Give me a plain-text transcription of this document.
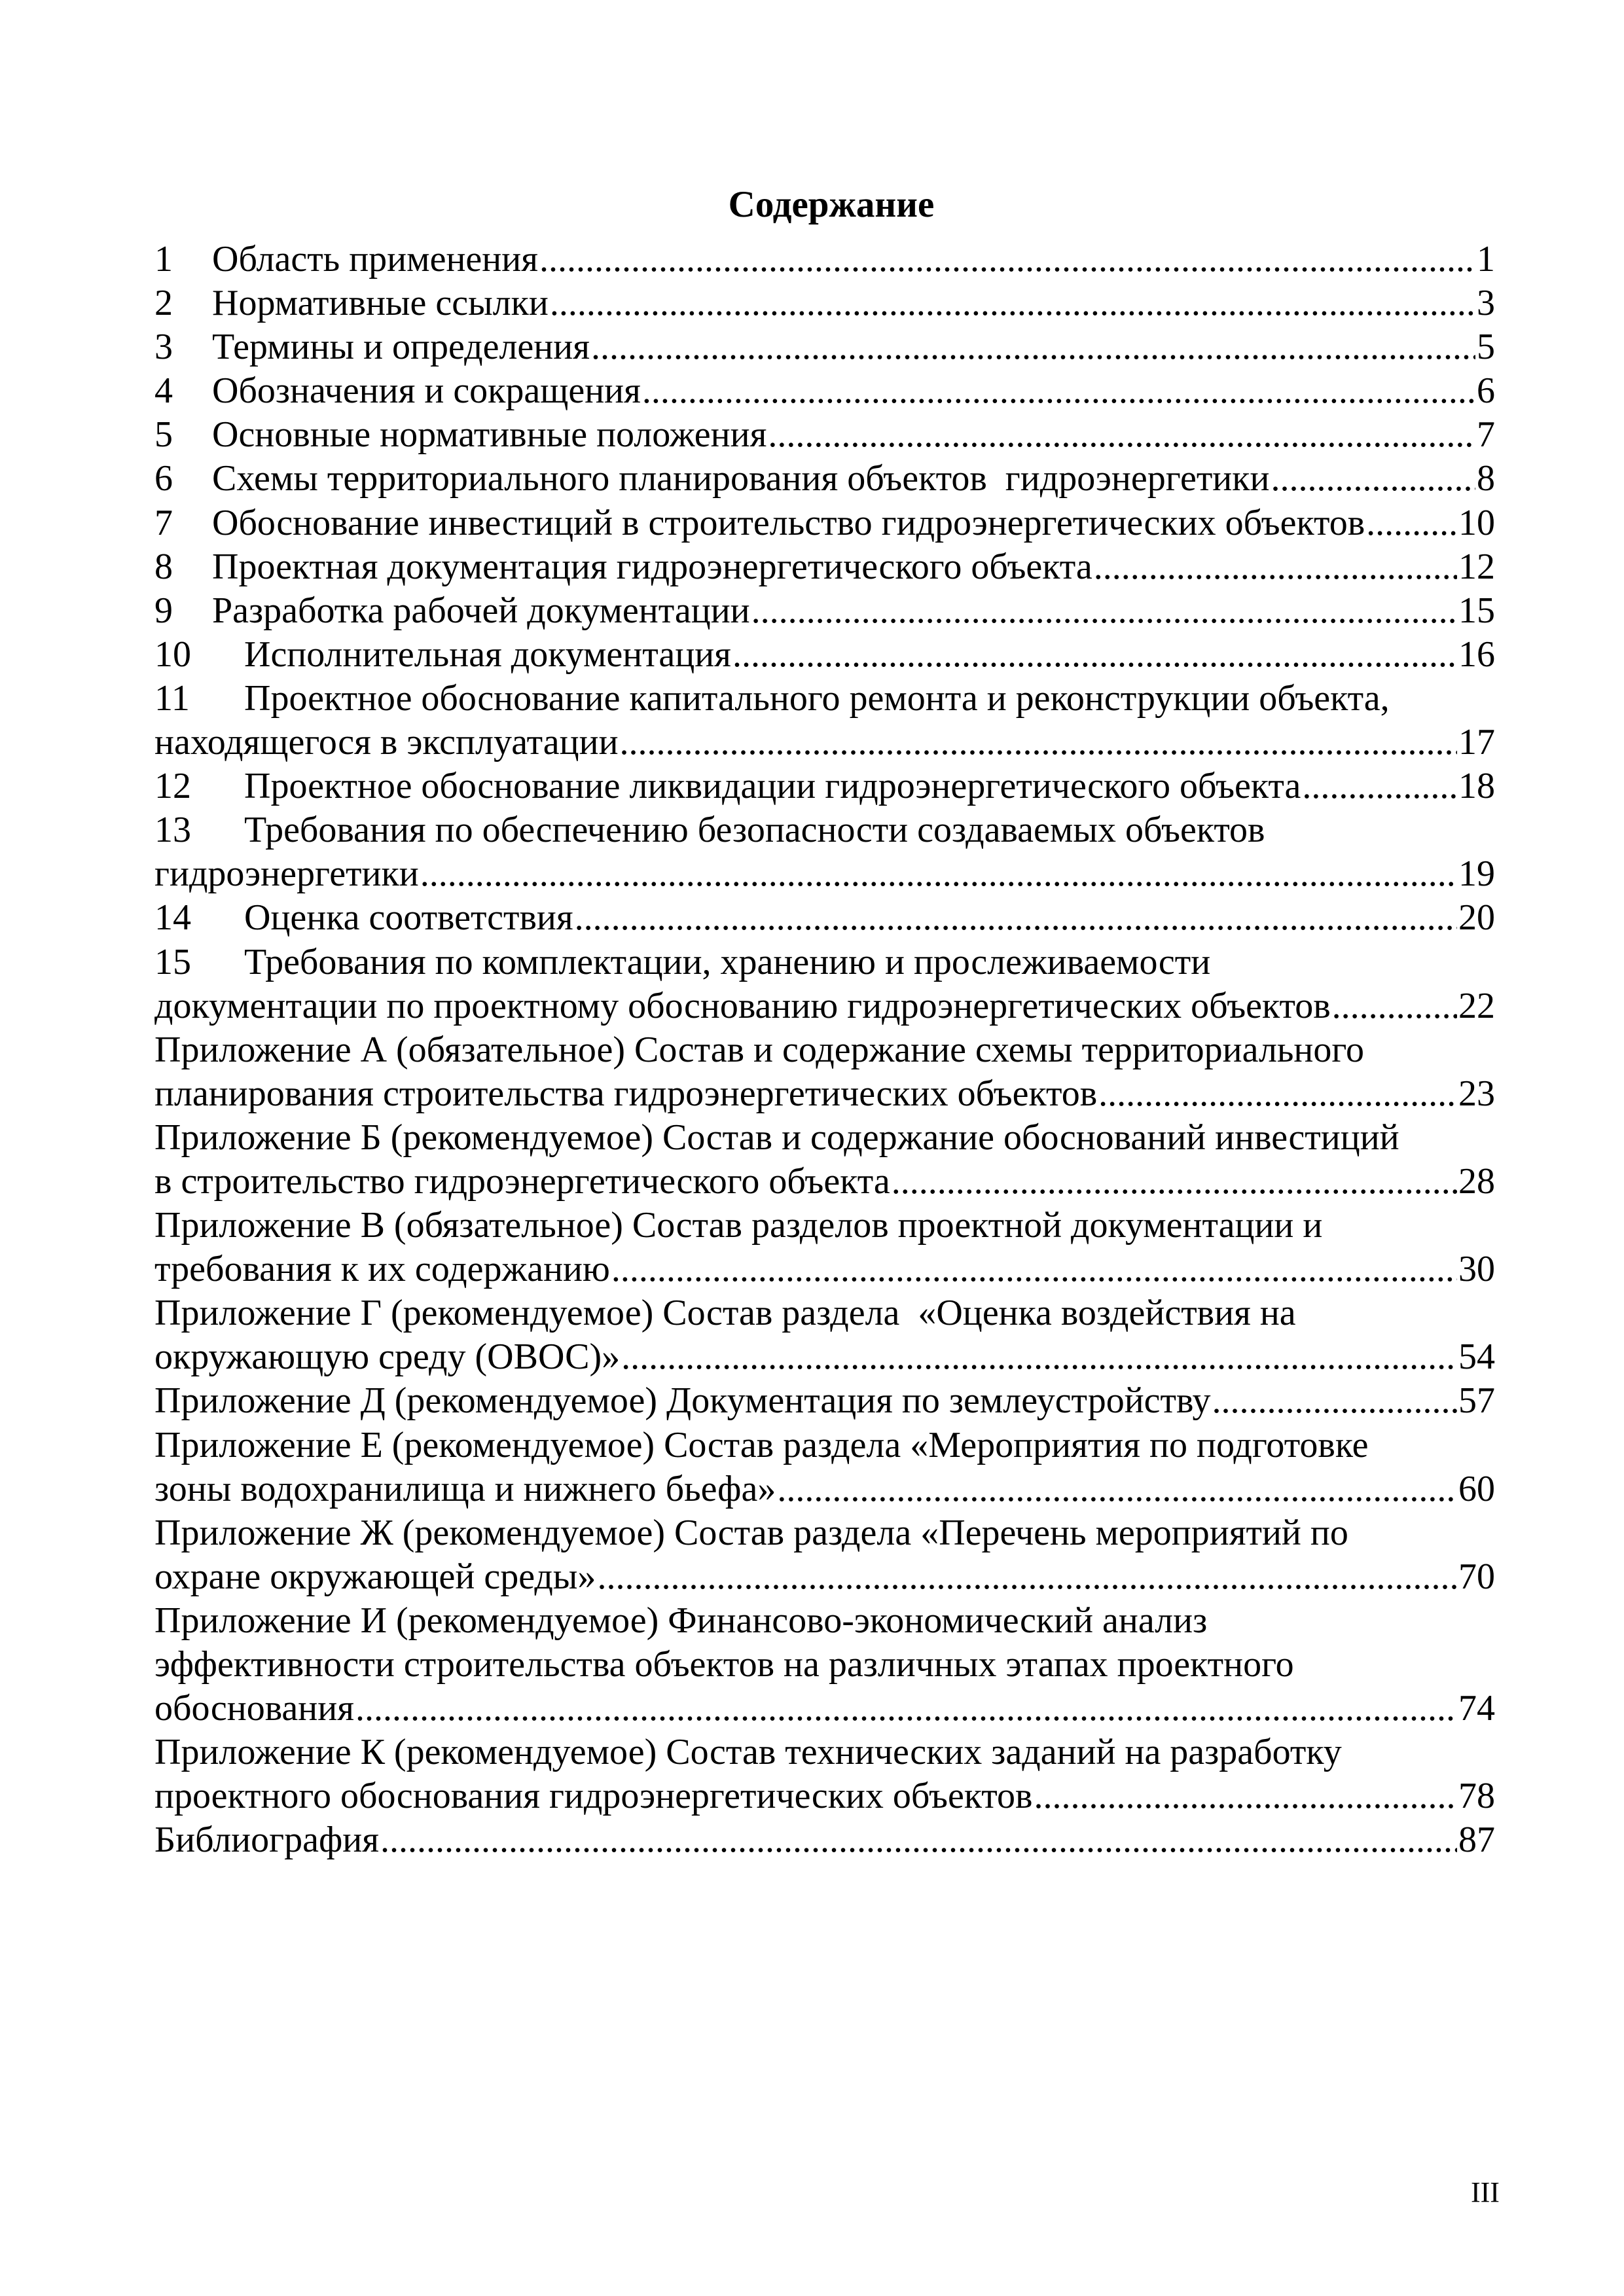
Содержание
1	Область применения .....	1
2	Нормативные ссылки .....	3
3	Термины и определения .....	5
4	Обозначения и сокращения .....	6
5	Основные нормативные положения .....	7
6	Схемы территориального планирования объектов  гидроэнергетики .....	8
7	Обоснование инвестиций в строительство гидроэнергетических объектов .....	10
8	Проектная документация гидроэнергетического объекта .....	12
9	Разработка рабочей документации .....	15
10	Исполнительная документация .....	16
11 Проектное обоснование капитального ремонта и реконструкции объекта,
находящегося в эксплуатации .....	17
12	Проектное обоснование ликвидации гидроэнергетического объекта .....	18
13 Требования по обеспечению безопасности создаваемых объектов
гидроэнергетики .....	19
14	Оценка соответствия .....	20
15 Требования по комплектации, хранению и прослеживаемости
документации по проектному обоснованию гидроэнергетических объектов .....	22
Приложение А (обязательное) Состав и содержание схемы территориального
планирования строительства гидроэнергетических объектов .....	23
Приложение Б (рекомендуемое) Состав и содержание обоснований инвестиций
в строительство гидроэнергетического объекта .....	28
Приложение В (обязательное) Состав разделов проектной документации и
требования к их содержанию .....	30
Приложение Г (рекомендуемое) Состав раздела  «Оценка воздействия на
окружающую среду (ОВОС)» .....	54
Приложение Д (рекомендуемое) Документация по землеустройству .....	57
Приложение Е (рекомендуемое) Состав раздела «Мероприятия по подготовке
зоны водохранилища и нижнего бьефа» .....	60
Приложение Ж (рекомендуемое) Состав раздела «Перечень мероприятий по
охране окружающей среды» .....	70
Приложение И (рекомендуемое) Финансово-экономический анализ
эффективности строительства объектов на различных этапах проектного
обоснования .....	74
Приложение К (рекомендуемое) Состав технических заданий на разработку
проектного обоснования гидроэнергетических объектов .....	78
Библиография .....	87
III
